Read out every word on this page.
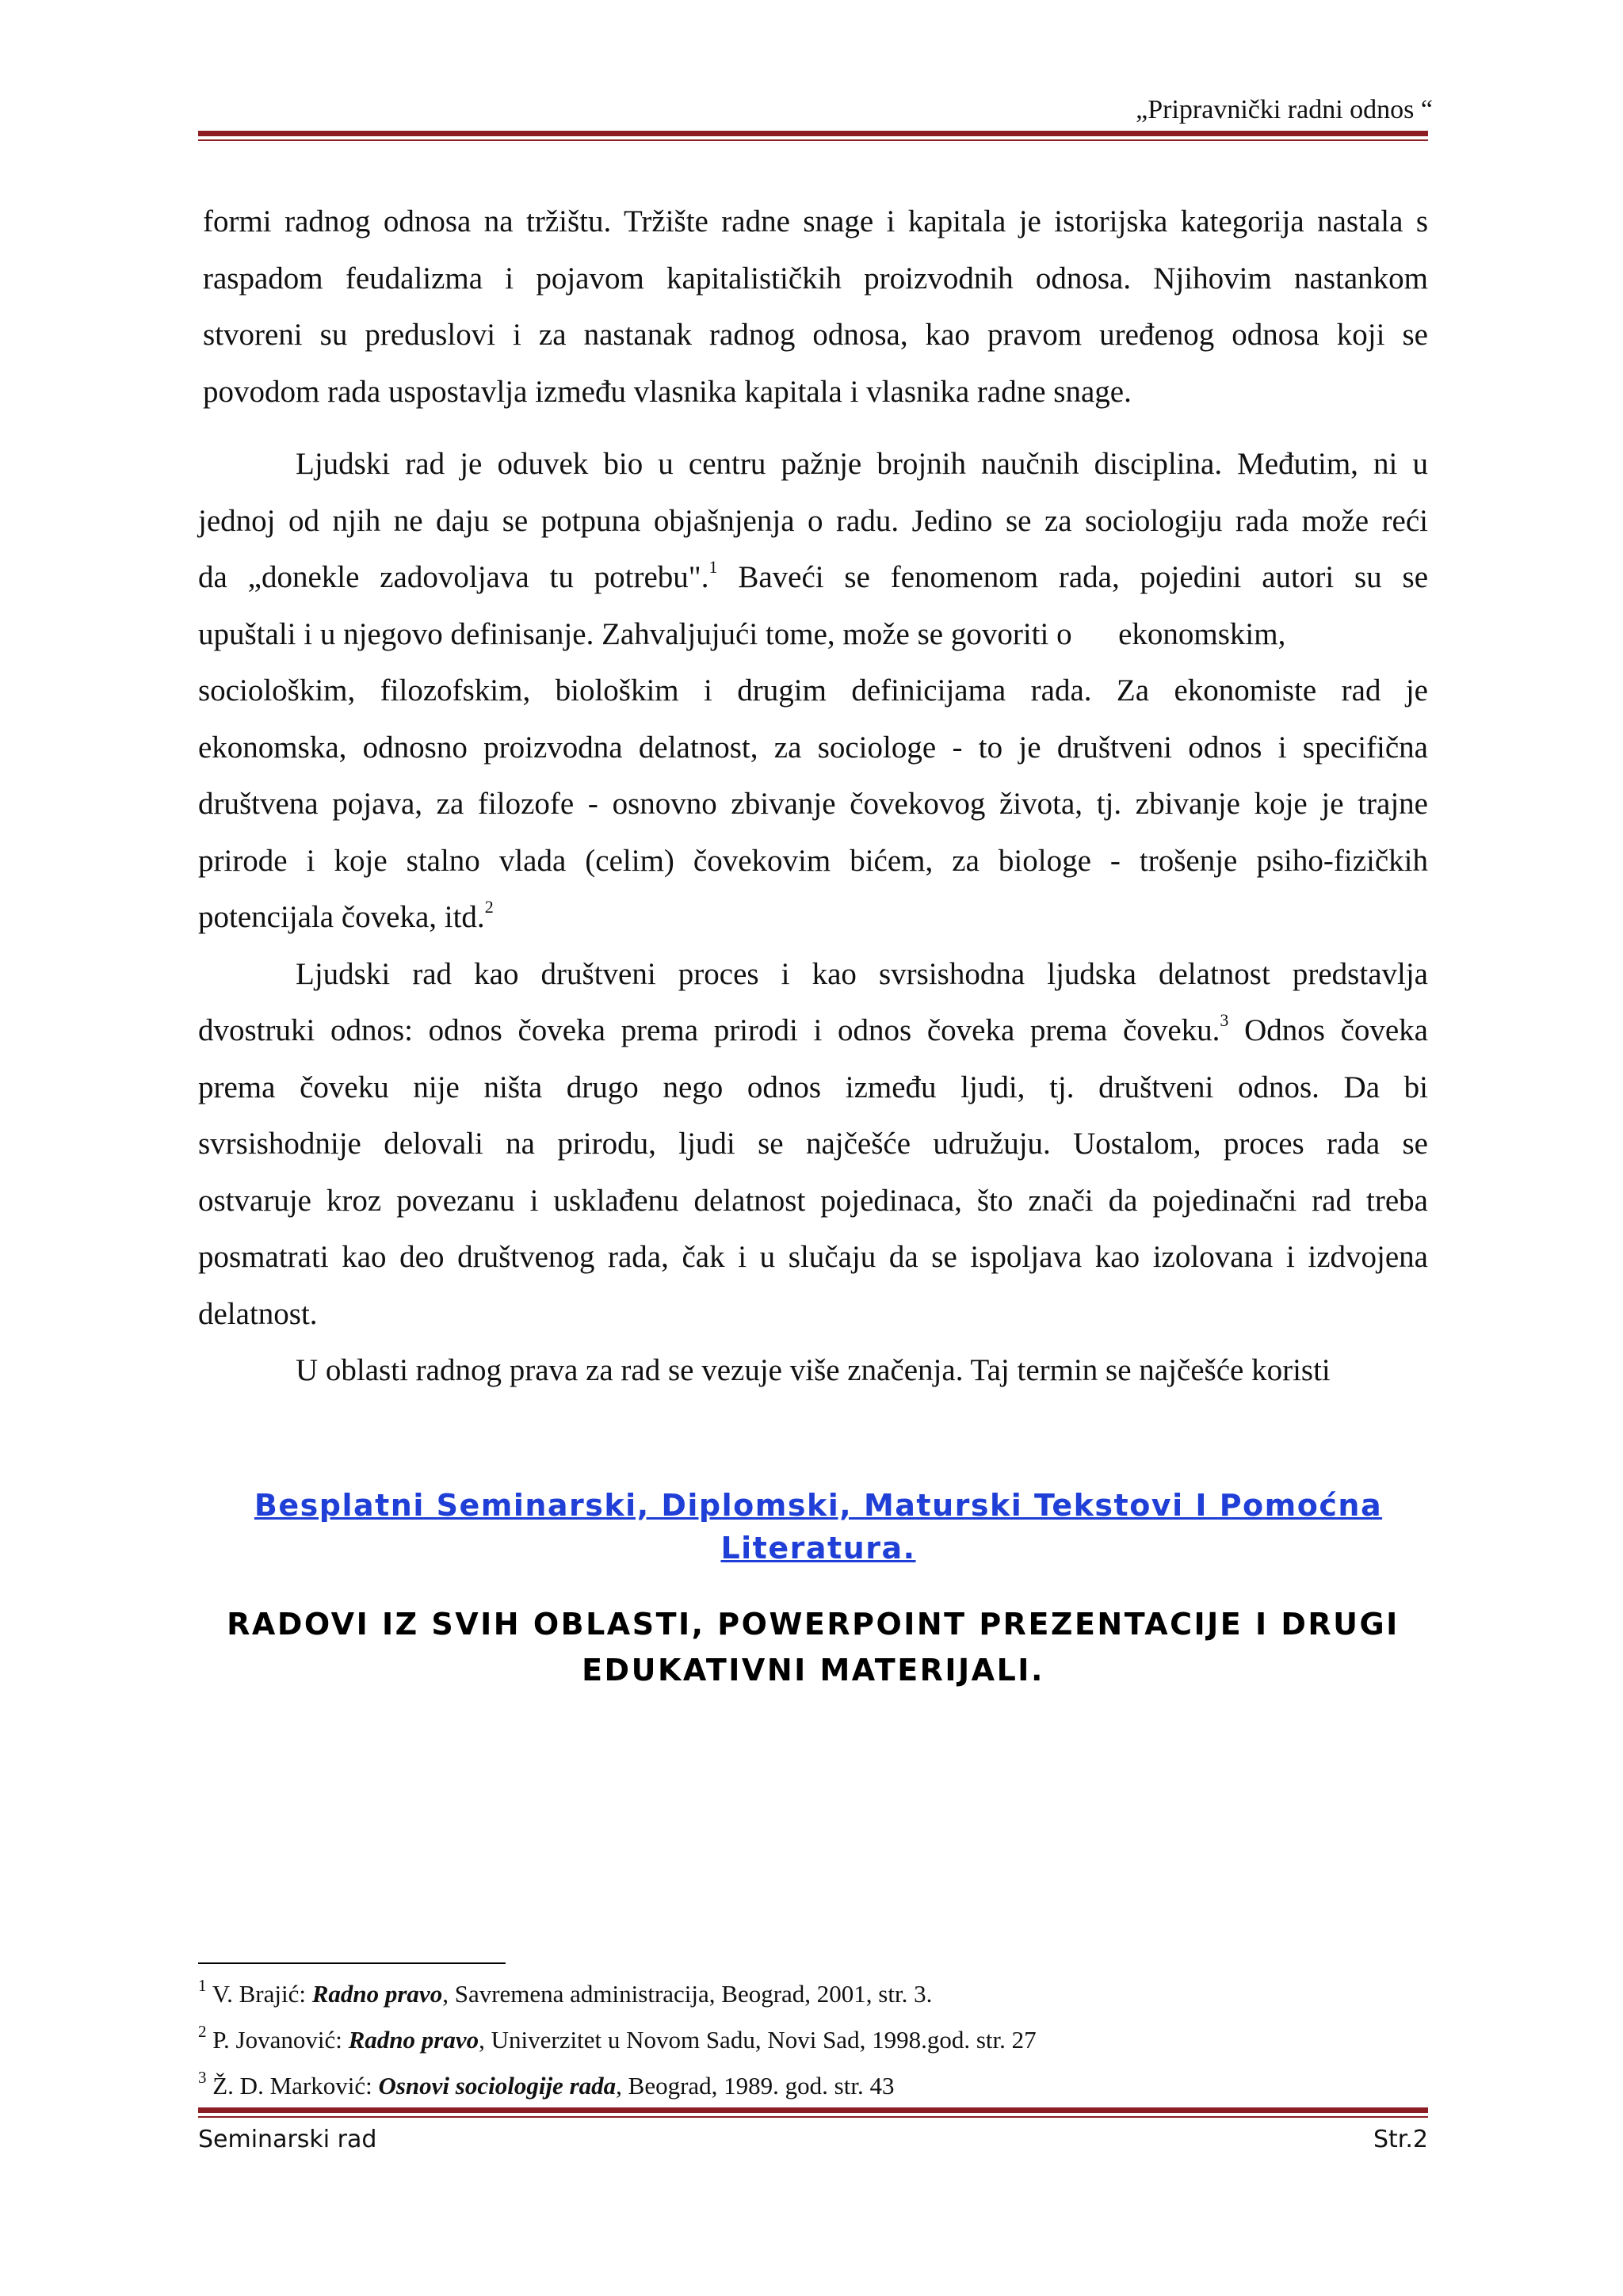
„Pripravnički radni odnos “
formi radnog odnosa na tržištu. Tržište radne snage i kapitala je istorijska kategorija nastala s
raspadom feudalizma i pojavom kapitalističkih proizvodnih odnosa. Njihovim nastankom
stvoreni su preduslovi i za nastanak radnog odnosa, kao pravom uređenog odnosa koji se
povodom rada uspostavlja između vlasnika kapitala i vlasnika radne snage.
Ljudski rad je oduvek bio u centru pažnje brojnih naučnih disciplina. Međutim, ni u
jednoj od njih ne daju se potpuna objašnjenja o radu. Jedino se za sociologiju rada može reći
da „donekle zadovoljava tu potrebu".$^1$ Baveći se fenomenom rada, pojedini autori su se
upuštali i u njegovo definisanje. Zahvaljujući tome, može se govoriti o      ekonomskim,
sociološkim, filozofskim, biološkim i drugim definicijama rada. Za ekonomiste rad je
ekonomska, odnosno proizvodna delatnost, za sociologe - to je društveni odnos i specifična
društvena pojava, za filozofe - osnovno zbivanje čovekovog života, tj. zbivanje koje je trajne
prirode i koje stalno vlada (celim) čovekovim bićem, za biologe - trošenje psiho-fizičkih
potencijala čoveka, itd.$^2$
Ljudski rad kao društveni proces i kao svrsishodna ljudska delatnost predstavlja
dvostruki odnos: odnos čoveka prema prirodi i odnos čoveka prema čoveku.$^3$ Odnos čoveka
prema čoveku nije ništa drugo nego odnos između ljudi, tj. društveni odnos. Da bi
svrsishodnije delovali na prirodu, ljudi se najčešće udružuju. Uostalom, proces rada se
ostvaruje kroz povezanu i usklađenu delatnost pojedinaca, što znači da pojedinačni rad treba
posmatrati kao deo društvenog rada, čak i u slučaju da se ispoljava kao izolovana i izdvojena
delatnost.
U oblasti radnog prava za rad se vezuje više značenja. Taj termin se najčešće koristi
Besplatni Seminarski, Diplomski, Maturski Tekstovi I Pomoćna
Literatura.
RADOVI IZ SVIH OBLASTI, POWERPOINT PREZENTACIJE I DRUGI
EDUKATIVNI MATERIJALI.
$^1$ V. Brajić: Radno pravo, Savremena administracija, Beograd, 2001, str. 3.
$^2$ P. Jovanović: Radno pravo, Univerzitet u Novom Sadu, Novi Sad, 1998.god. str. 27
$^3$ Ž. D. Marković: Osnovi sociologije rada, Beograd, 1989. god. str. 43
Seminarski rad	Str.2
